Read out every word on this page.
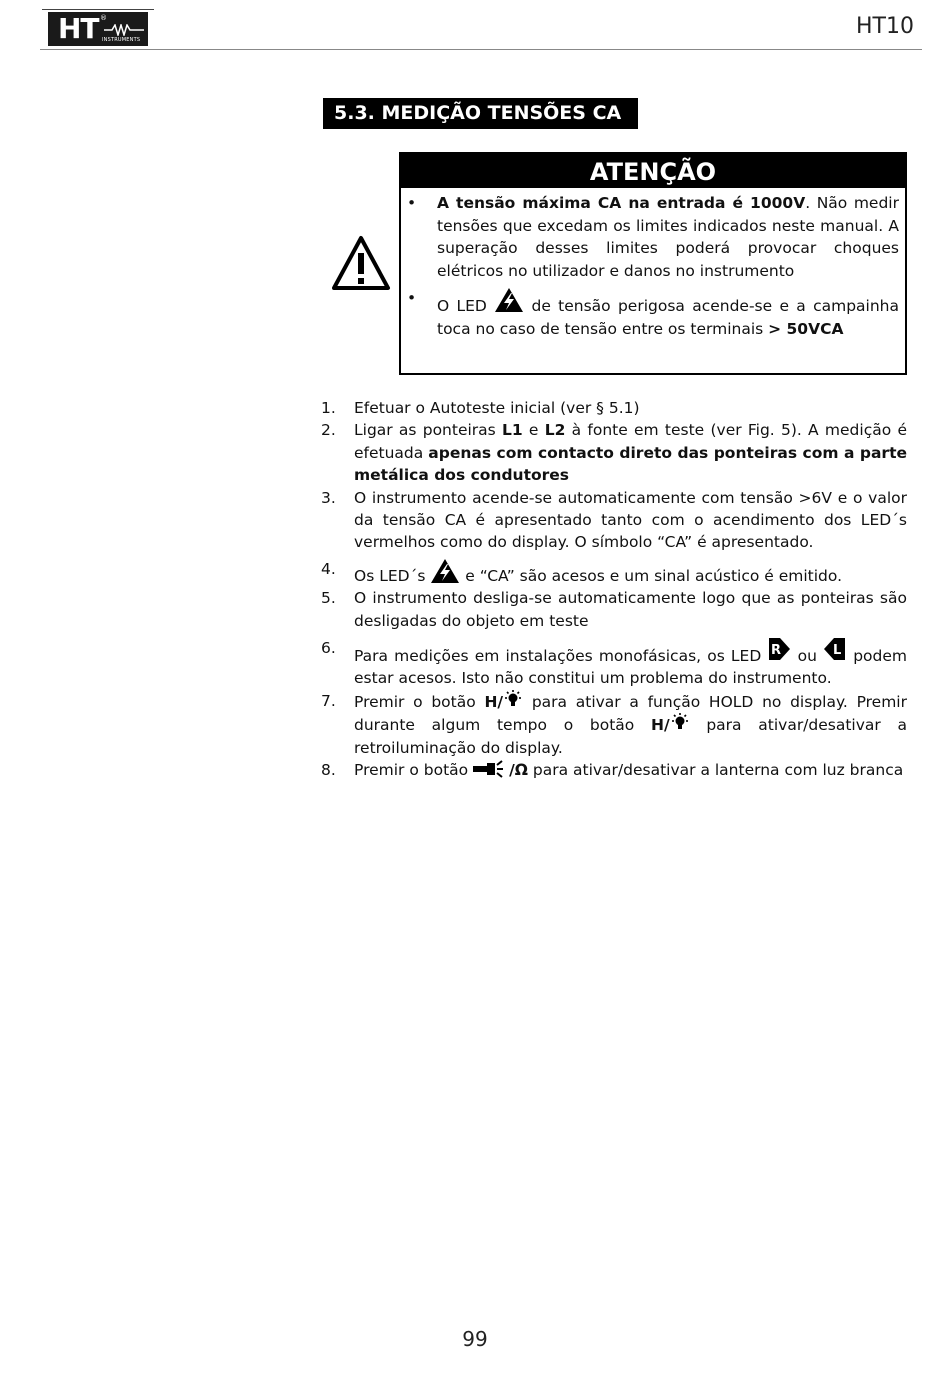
HT ®
INSTRUMENTS
HT10
5.3. MEDIÇÃO TENSÕES CA
ATENÇÃO
• A tensão máxima CA na entrada é 1000V. Não medir tensões que excedam os limites indicados neste manual. A superação desses limites poderá provocar choques elétricos no utilizador e danos no instrumento
• O LED  de tensão perigosa acende-se e a campainha toca no caso de tensão entre os terminais > 50VCA
1. Efetuar o Autoteste inicial (ver § 5.1)
2. Ligar as ponteiras L1 e L2 à fonte em teste (ver Fig. 5). A medição é efetuada apenas com contacto direto das ponteiras com a parte metálica dos condutores
3. O instrumento acende-se automaticamente com tensão >6V e o valor da tensão CA é apresentado tanto com o acendimento dos LED´s vermelhos como do display. O símbolo “CA” é apresentado.
4. Os LED´s  e “CA” são acesos e um sinal acústico é emitido.
5. O instrumento desliga-se automaticamente logo que as ponteiras são desligadas do objeto em teste
6. Para medições em instalações monofásicas, os LED R ou L podem estar acesos. Isto não constitui um problema do instrumento.
7. Premir o botão H/ para ativar a função HOLD no display. Premir durante algum tempo o botão H/ para ativar/desativar a retroiluminação do display.
8. Premir o botão /Ω para ativar/desativar a lanterna com luz branca
99
